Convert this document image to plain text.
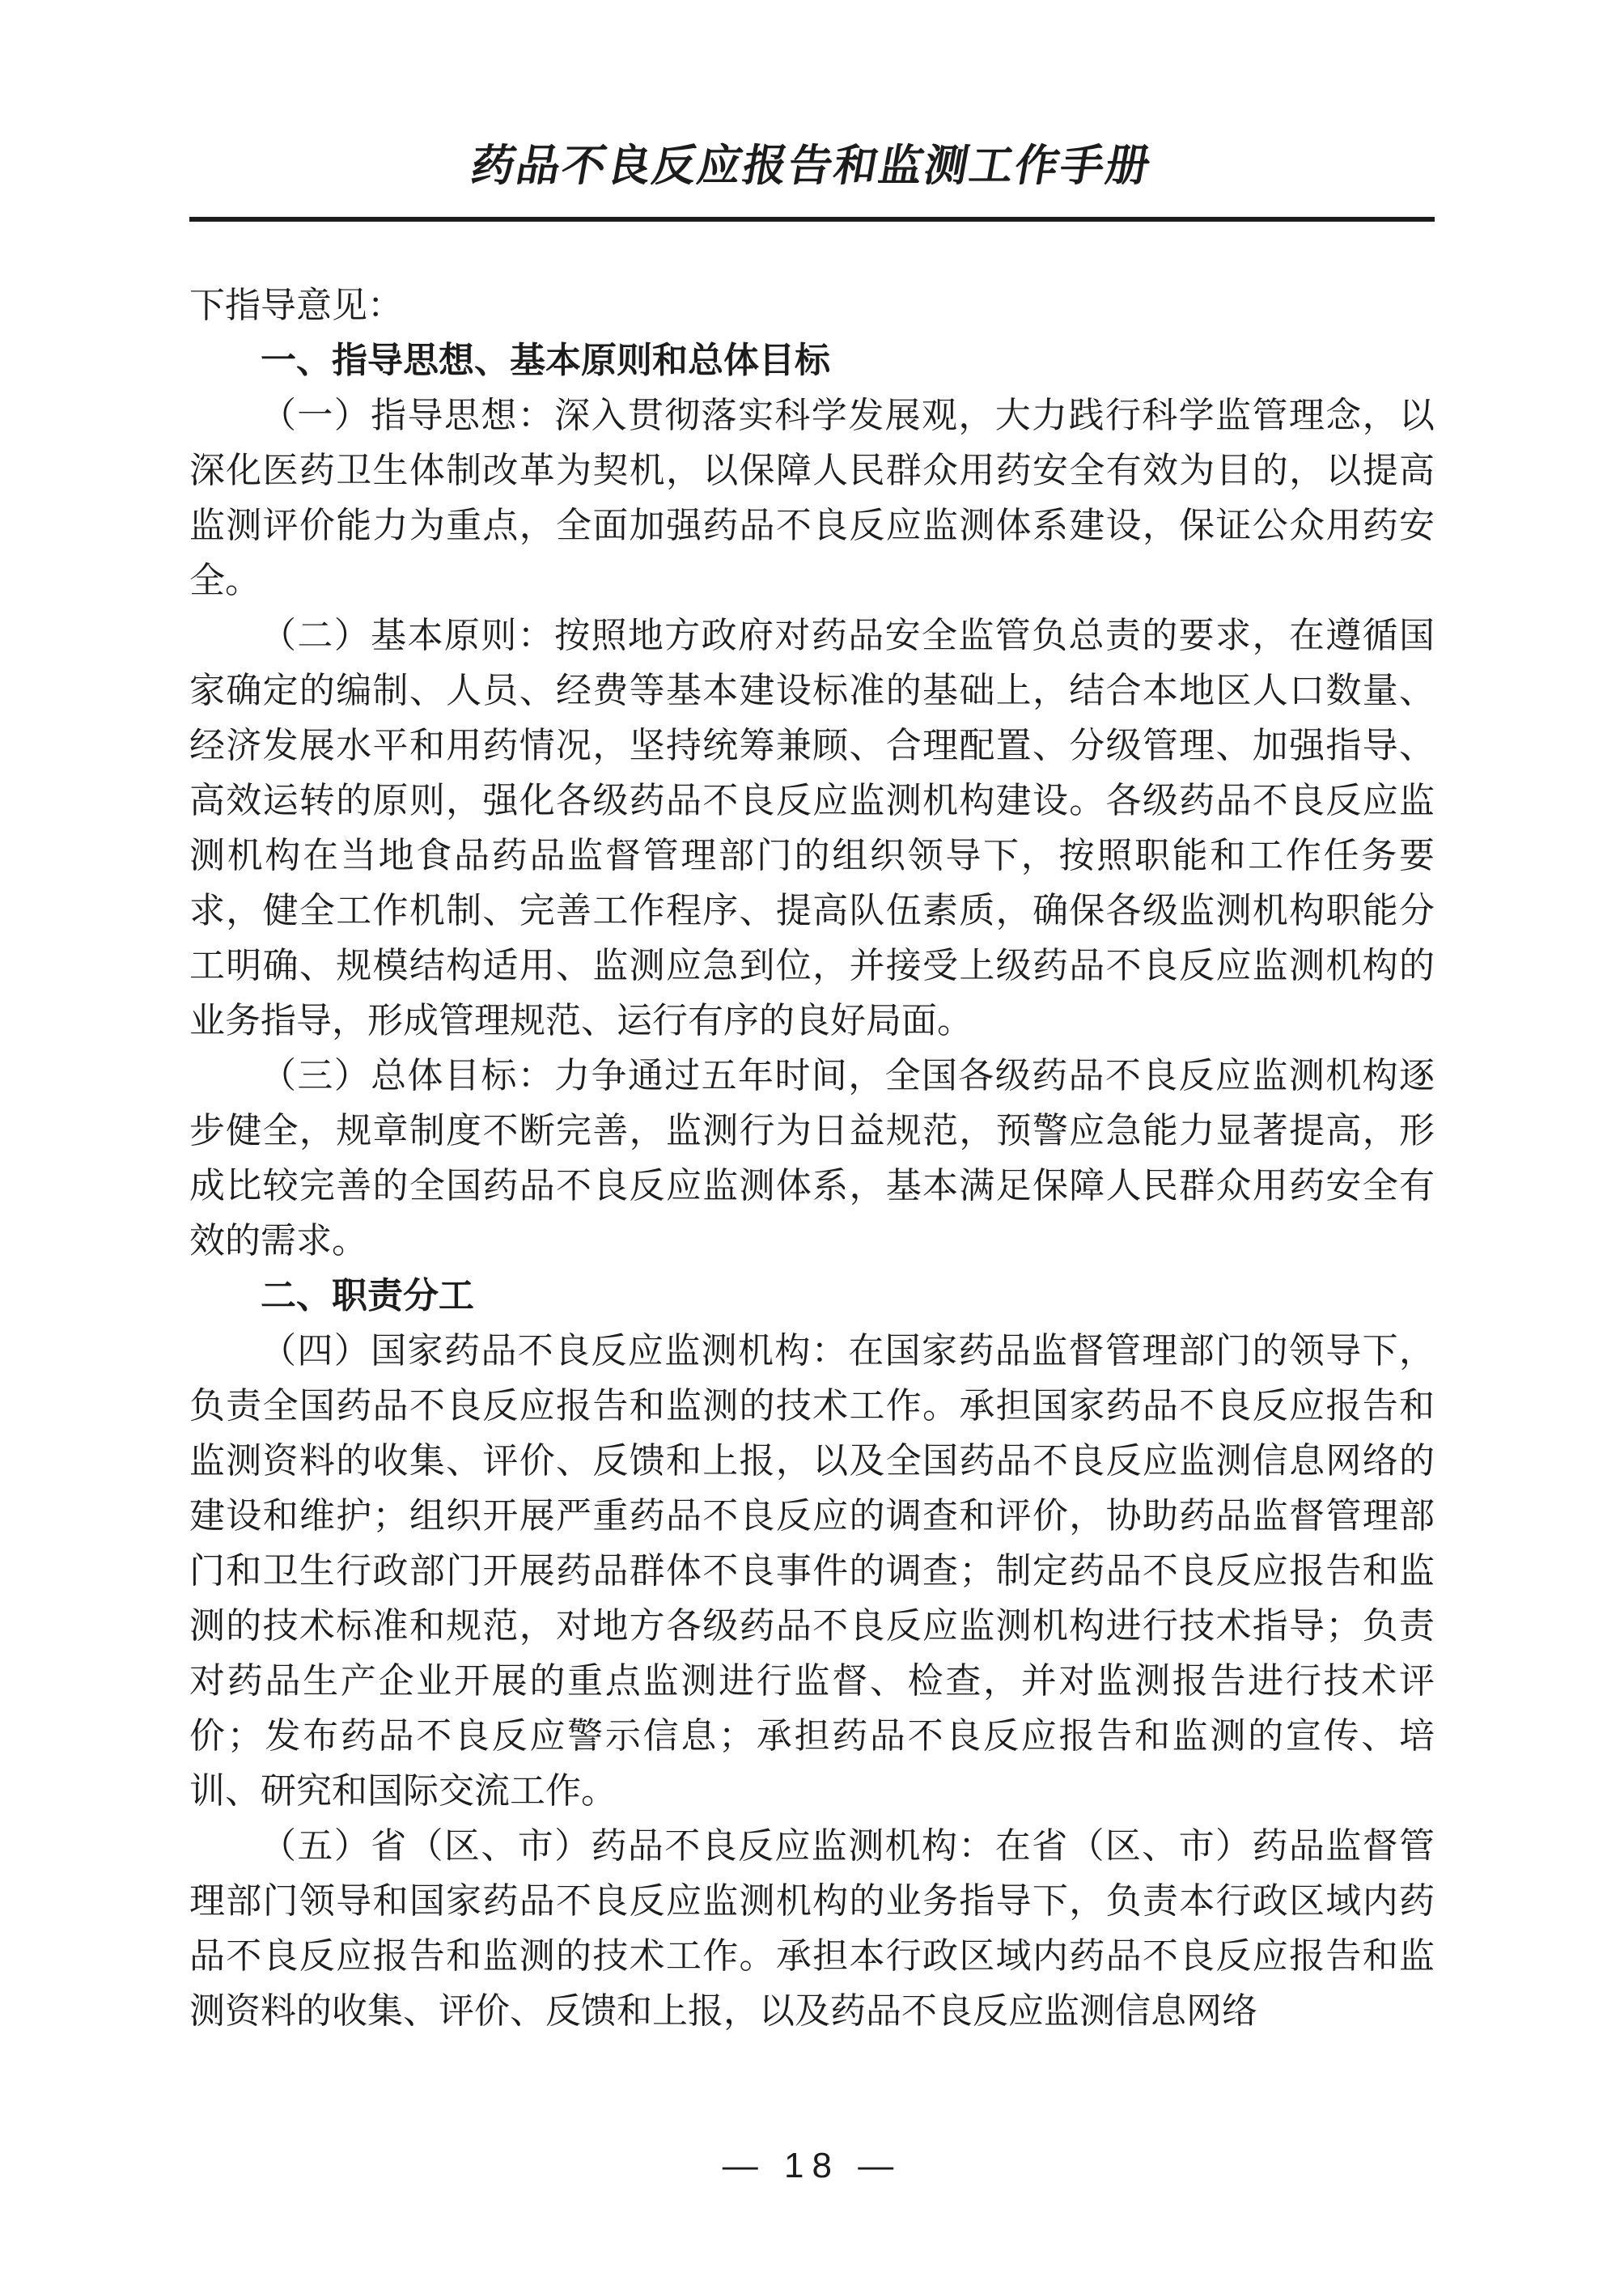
药品不良反应报告和监测工作手册

下指导意见：

一、指导思想、基本原则和总体目标

（一）指导思想：深入贯彻落实科学发展观，大力践行科学监管理念，以深化医药卫生体制改革为契机，以保障人民群众用药安全有效为目的，以提高监测评价能力为重点，全面加强药品不良反应监测体系建设，保证公众用药安全。

（二）基本原则：按照地方政府对药品安全监管负总责的要求，在遵循国家确定的编制、人员、经费等基本建设标准的基础上，结合本地区人口数量、经济发展水平和用药情况，坚持统筹兼顾、合理配置、分级管理、加强指导、高效运转的原则，强化各级药品不良反应监测机构建设。各级药品不良反应监测机构在当地食品药品监督管理部门的组织领导下，按照职能和工作任务要求，健全工作机制、完善工作程序、提高队伍素质，确保各级监测机构职能分工明确、规模结构适用、监测应急到位，并接受上级药品不良反应监测机构的业务指导，形成管理规范、运行有序的良好局面。

（三）总体目标：力争通过五年时间，全国各级药品不良反应监测机构逐步健全，规章制度不断完善，监测行为日益规范，预警应急能力显著提高，形成比较完善的全国药品不良反应监测体系，基本满足保障人民群众用药安全有效的需求。

二、职责分工

（四）国家药品不良反应监测机构：在国家药品监督管理部门的领导下，负责全国药品不良反应报告和监测的技术工作。承担国家药品不良反应报告和监测资料的收集、评价、反馈和上报，以及全国药品不良反应监测信息网络的建设和维护；组织开展严重药品不良反应的调查和评价，协助药品监督管理部门和卫生行政部门开展药品群体不良事件的调查；制定药品不良反应报告和监测的技术标准和规范，对地方各级药品不良反应监测机构进行技术指导；负责对药品生产企业开展的重点监测进行监督、检查，并对监测报告进行技术评价；发布药品不良反应警示信息；承担药品不良反应报告和监测的宣传、培训、研究和国际交流工作。

（五）省（区、市）药品不良反应监测机构：在省（区、市）药品监督管理部门领导和国家药品不良反应监测机构的业务指导下，负责本行政区域内药品不良反应报告和监测的技术工作。承担本行政区域内药品不良反应报告和监测资料的收集、评价、反馈和上报，以及药品不良反应监测信息网络

— 18 —
